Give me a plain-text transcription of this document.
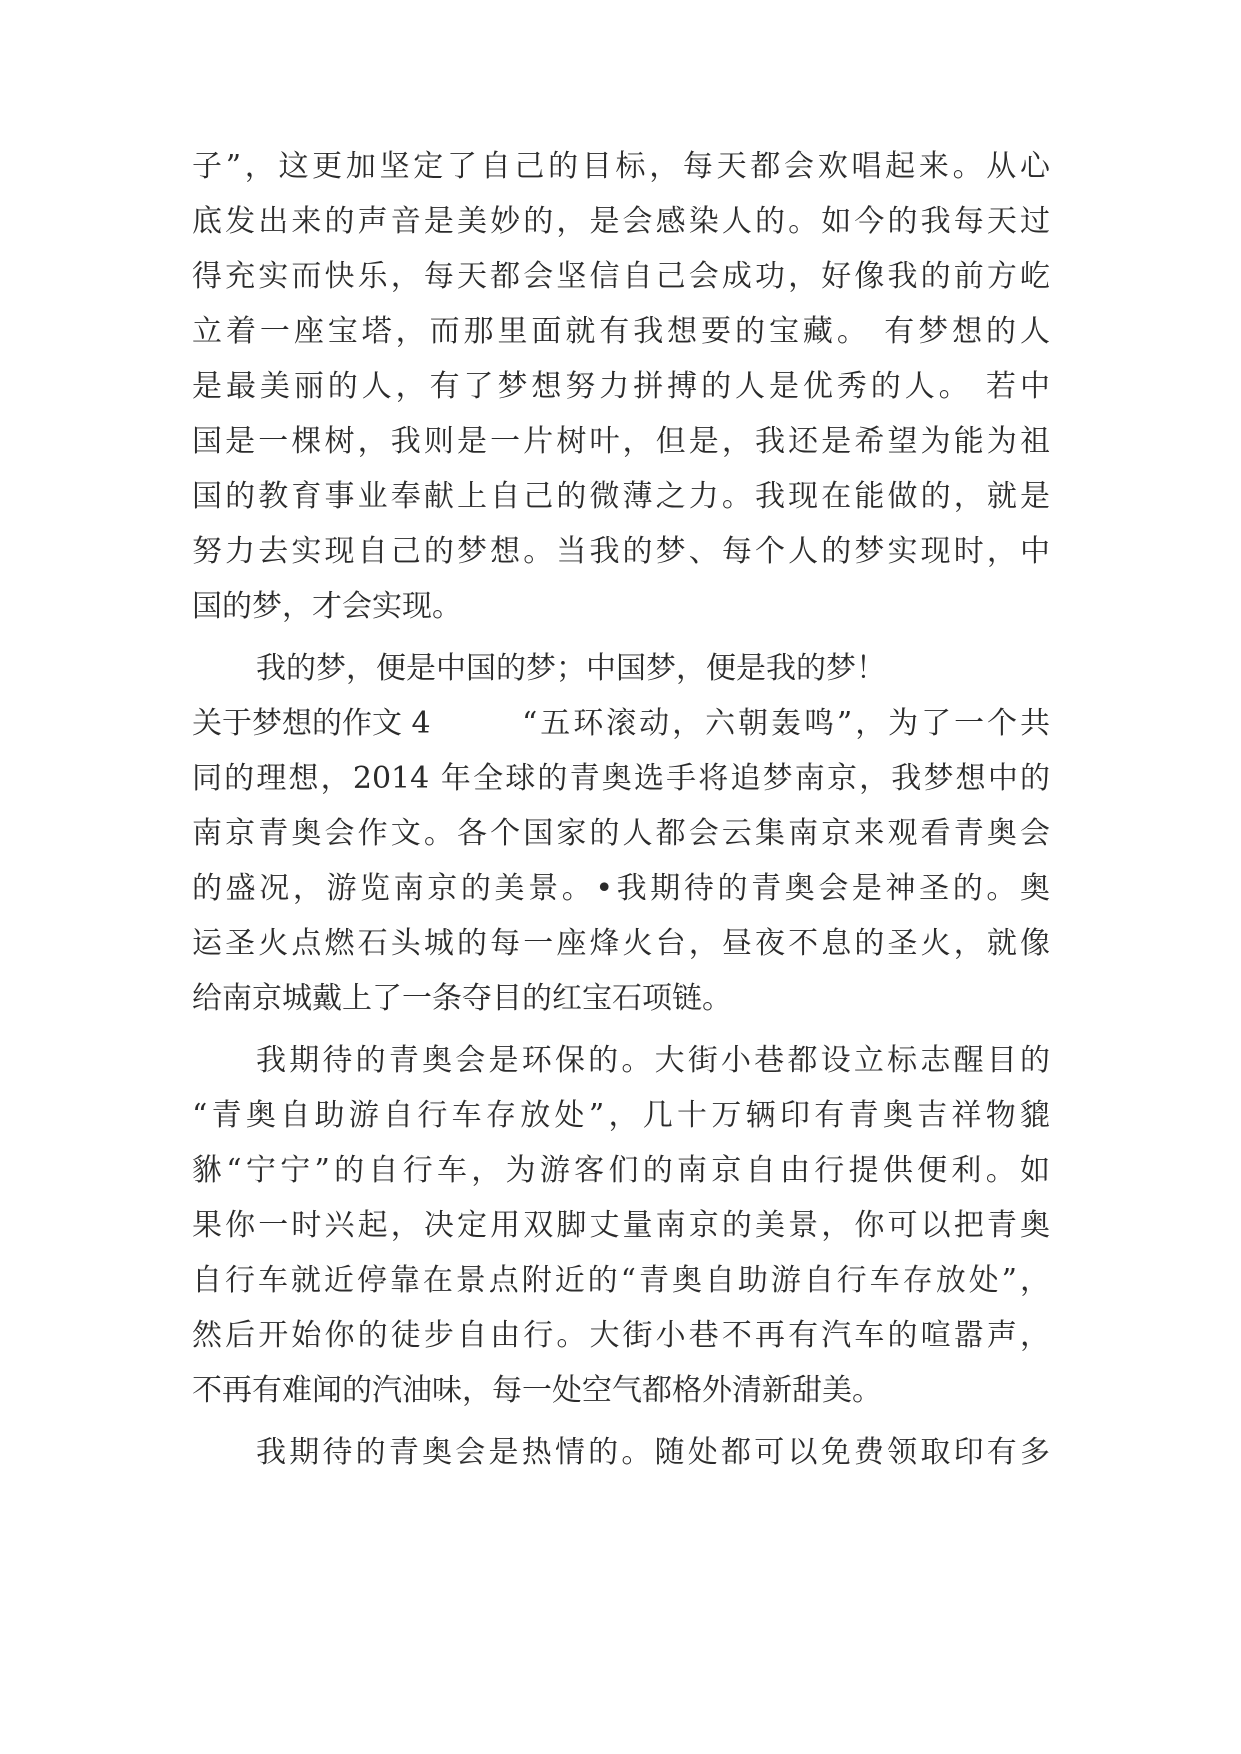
子”，这更加坚定了自己的目标，每天都会欢唱起来。从心

底发出来的声音是美妙的，是会感染人的。如今的我每天过

得充实而快乐，每天都会坚信自己会成功，好像我的前方屹

立着一座宝塔，而那里面就有我想要的宝藏。 有梦想的人

是最美丽的人，有了梦想努力拼搏的人是优秀的人。 若中

国是一棵树，我则是一片树叶，但是，我还是希望为能为祖

国的教育事业奉献上自己的微薄之力。我现在能做的，就是

努力去实现自己的梦想。当我的梦、每个人的梦实现时，中

国的梦，才会实现。

我的梦，便是中国的梦；中国梦，便是我的梦！

关于梦想的作文 4	“五环滚动，六朝轰鸣”，为了一个共

同的理想，2014 年全球的青奥选手将追梦南京，我梦想中的

南京青奥会作文。各个国家的人都会云集南京来观看青奥会

的盛况，游览南京的美景。•我期待的青奥会是神圣的。奥

运圣火点燃石头城的每一座烽火台，昼夜不息的圣火，就像

给南京城戴上了一条夺目的红宝石项链。

我期待的青奥会是环保的。大街小巷都设立标志醒目的

“青奥自助游自行车存放处”，几十万辆印有青奥吉祥物貔

貅“宁宁”的自行车，为游客们的南京自由行提供便利。如

果你一时兴起，决定用双脚丈量南京的美景，你可以把青奥

自行车就近停靠在景点附近的“青奥自助游自行车存放处”，

然后开始你的徒步自由行。大街小巷不再有汽车的喧嚣声，

不再有难闻的汽油味，每一处空气都格外清新甜美。

我期待的青奥会是热情的。随处都可以免费领取印有多
